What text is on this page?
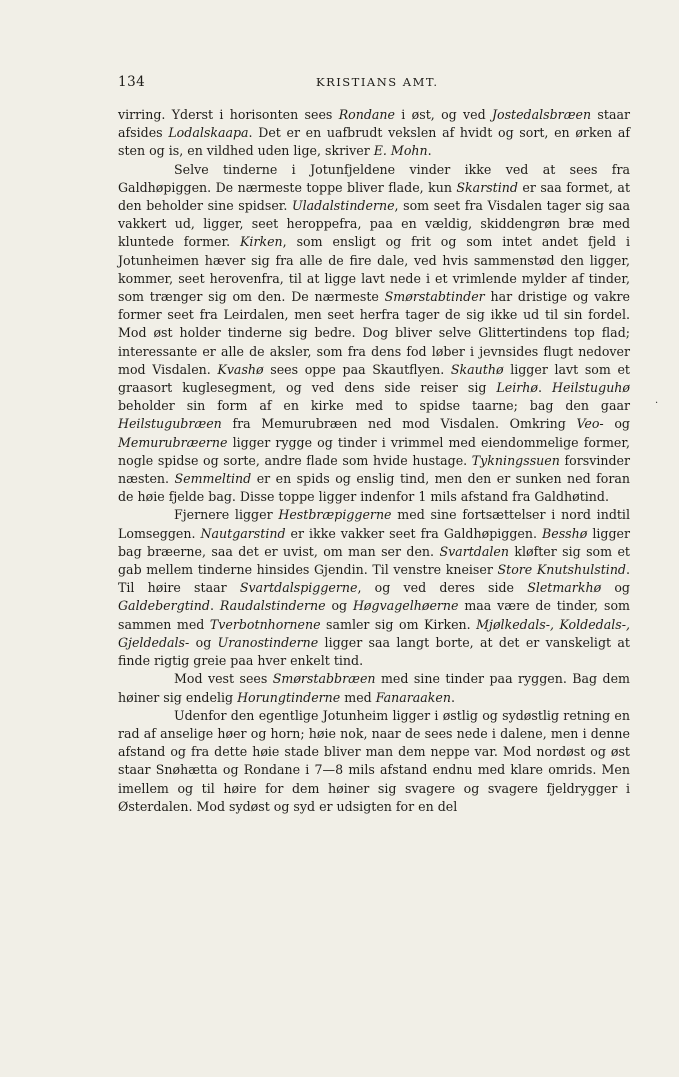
134	KRISTIANS AMT.

virring. Yderst i horisonten sees Rondane i øst, og ved Jostedalsbræen staar afsides Lodalskaapa. Det er en uafbrudt vekslen af hvidt og sort, en ørken af sten og is, en vildhed uden lige, skriver E. Mohn.

Selve tinderne i Jotunfjeldene vinder ikke ved at sees fra Galdhøpiggen. De nærmeste toppe bliver flade, kun Skarstind er saa formet, at den beholder sine spidser. Uladalstinderne, som seet fra Visdalen tager sig saa vakkert ud, ligger, seet heroppefra, paa en vældig, skiddengrøn bræ med kluntede former. Kirken, som ensligt og frit og som intet andet fjeld i Jotunheimen hæver sig fra alle de fire dale, ved hvis sammenstød den ligger, kommer, seet herovenfra, til at ligge lavt nede i et vrimlende mylder af tinder, som trænger sig om den. De nærmeste Smørstabtinder har dristige og vakre former seet fra Leirdalen, men seet herfra tager de sig ikke ud til sin fordel. Mod øst holder tinderne sig bedre. Dog bliver selve Glittertindens top flad; interessante er alle de aksler, som fra dens fod løber i jevnsides flugt nedover mod Visdalen. Kvashø sees oppe paa Skautflyen. Skauthø ligger lavt som et graasort kuglesegment, og ved dens side reiser sig Leirhø. Heilstuguhø beholder sin form af en kirke med to spidse taarne; bag den gaar Heilstugubræen fra Memurubræen ned mod Visdalen. Omkring Veo- og Memurubræerne ligger rygge og tinder i vrimmel med eiendommelige former, nogle spidse og sorte, andre flade som hvide hustage. Tykningssuen forsvinder næsten. Semmeltind er en spids og enslig tind, men den er sunken ned foran de høie fjelde bag. Disse toppe ligger indenfor 1 mils afstand fra Galdhøtind.

Fjernere ligger Hestbræpiggerne med sine fortsættelser i nord indtil Lomseggen. Nautgarstind er ikke vakker seet fra Galdhøpiggen. Besshø ligger bag bræerne, saa det er uvist, om man ser den. Svartdalen kløfter sig som et gab mellem tinderne hinsides Gjendin. Til venstre kneiser Store Knutshulstind. Til høire staar Svartdalspiggerne, og ved deres side Sletmarkhø og Galdebergtind. Raudalstinderne og Høgvagelhøerne maa være de tinder, som sammen med Tverbotnhornene samler sig om Kirken. Mjølkedals-, Koldedals-, Gjeldedals- og Uranostinderne ligger saa langt borte, at det er vanskeligt at finde rigtig greie paa hver enkelt tind.

Mod vest sees Smørstabbræen med sine tinder paa ryggen. Bag dem høiner sig endelig Horungtinderne med Fanaraaken.

Udenfor den egentlige Jotunheim ligger i østlig og sydøstlig retning en rad af anselige høer og horn; høie nok, naar de sees nede i dalene, men i denne afstand og fra dette høie stade bliver man dem neppe var. Mod nordøst og øst staar Snøhætta og Rondane i 7—8 mils afstand endnu med klare omrids. Men imellem og til høire for dem høiner sig svagere og svagere fjeldrygger i Østerdalen. Mod sydøst og syd er udsigten for en del

·
